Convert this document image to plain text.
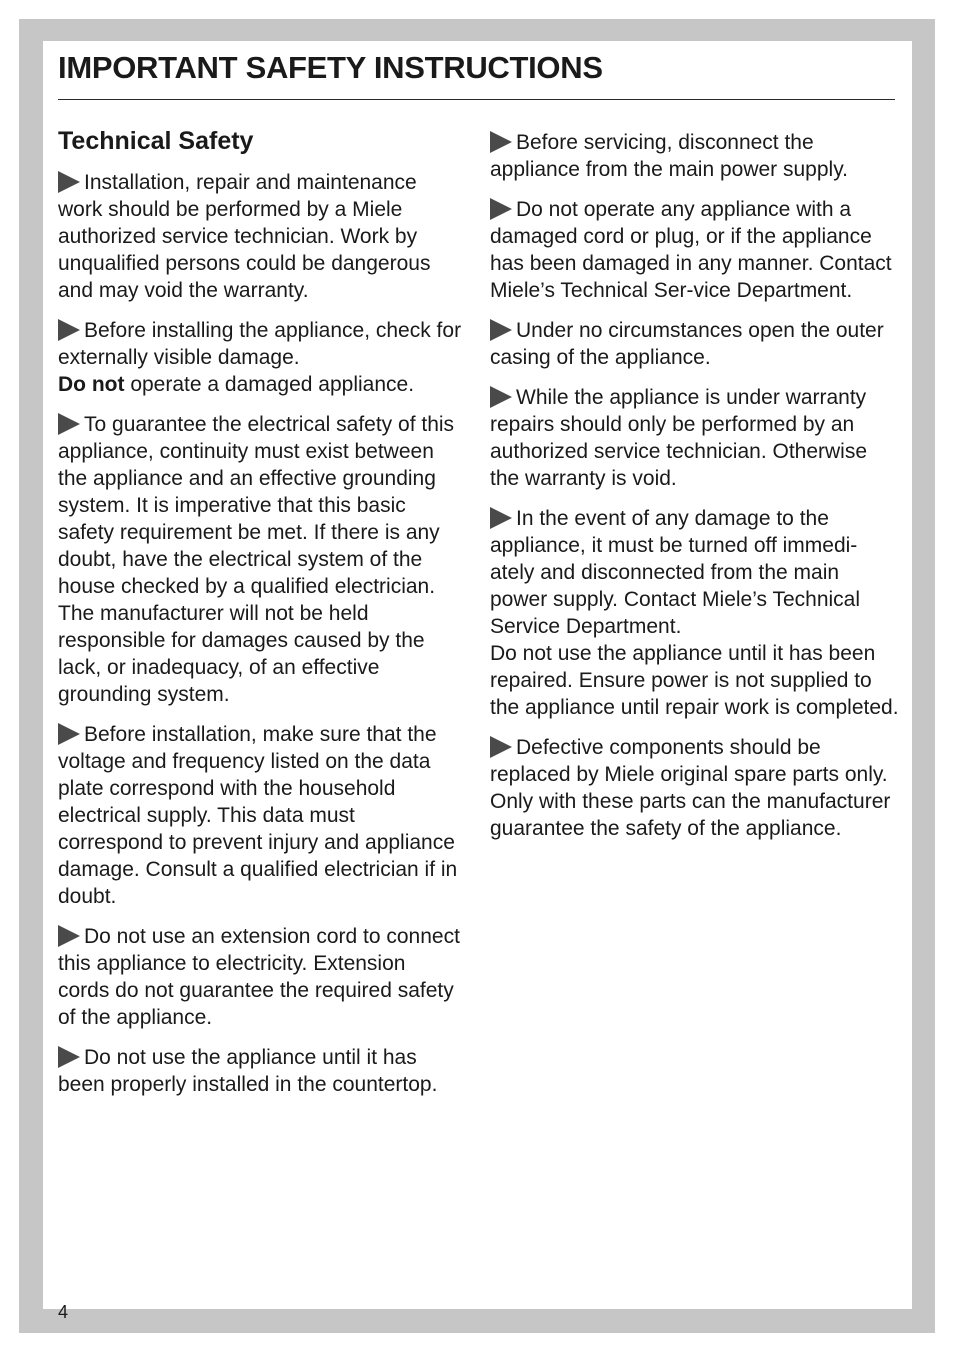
IMPORTANT SAFETY INSTRUCTIONS
Technical Safety

Installation, repair and maintenance work should be performed by a Miele authorized service technician. Work by unqualified persons could be dangerous and may void the warranty.

Before installing the appliance, check for externally visible damage.
Do not operate a damaged appliance.

To guarantee the electrical safety of this appliance, continuity must exist between the appliance and an effective grounding system. It is imperative that this basic safety requirement be met. If there is any doubt, have the electrical system of the house checked by a qualified electrician. The manufacturer will not be held responsible for damages caused by the lack, or inadequacy, of an effective grounding system.

Before installation, make sure that the voltage and frequency listed on the data plate correspond with the household electrical supply. This data must correspond to prevent injury and appliance damage. Consult a qualified electrician if in doubt.

Do not use an extension cord to connect this appliance to electricity. Extension cords do not guarantee the required safety of the appliance.

Do not use the appliance until it has been properly installed in the countertop.

Before servicing, disconnect the appliance from the main power supply.

Do not operate any appliance with a damaged cord or plug, or if the appliance has been damaged in any manner. Contact Miele’s Technical Ser-vice Department.

Under no circumstances open the outer casing of the appliance.

While the appliance is under warranty repairs should only be performed by an authorized service technician. Otherwise the warranty is void.

In the event of any damage to the appliance, it must be turned off immedi-ately and disconnected from the main power supply. Contact Miele’s Technical Service Department.
Do not use the appliance until it has been repaired. Ensure power is not supplied to the appliance until repair work is completed.

Defective components should be replaced by Miele original spare parts only. Only with these parts can the manufacturer guarantee the safety of the appliance.

4
